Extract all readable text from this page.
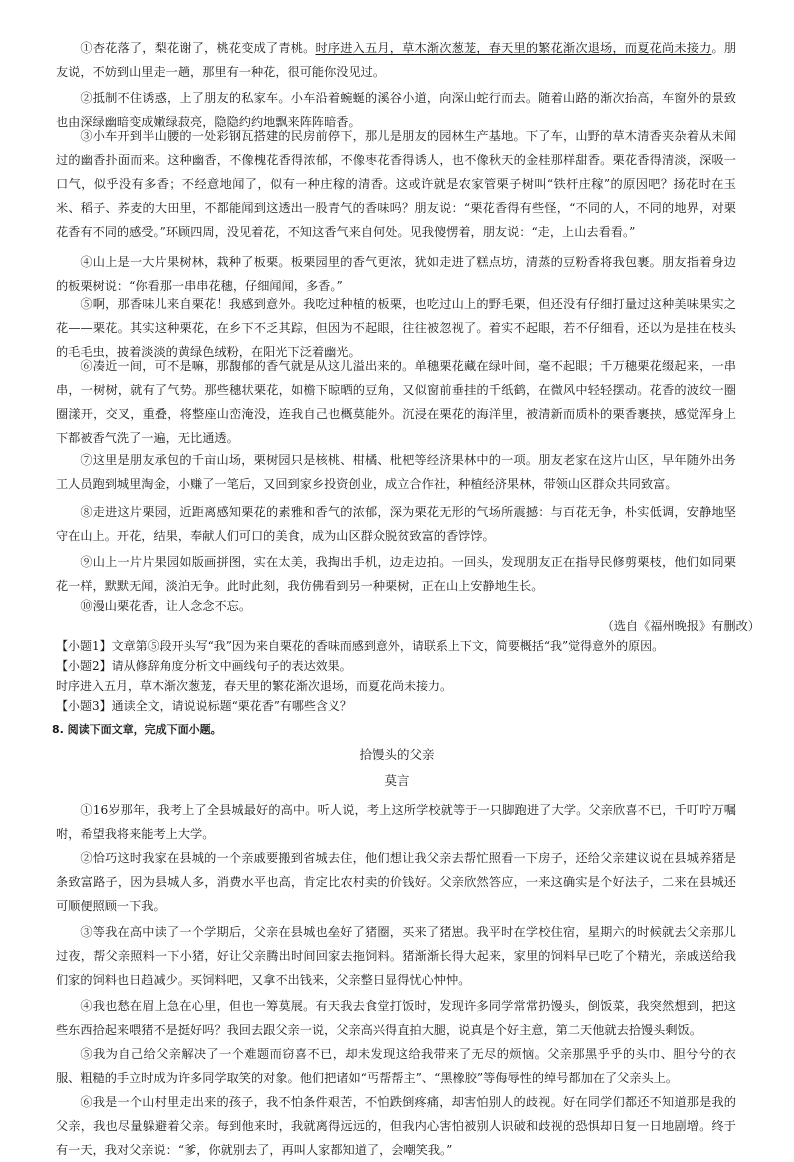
①杏花落了，梨花谢了，桃花变成了青桃。时序进入五月，草木渐次葱茏，春天里的繁花渐次退场，而夏花尚未接力。朋友说，不妨到山里走一趟，那里有一种花，很可能你没见过。

②抵制不住诱惑，上了朋友的私家车。小车沿着蜿蜒的溪谷小道，向深山蛇行而去。随着山路的渐次抬高，车窗外的景致也由深绿幽暗变成嫩绿菽亮，隐隐约约地飘来阵阵暗香。

③小车开到半山腰的一处彩钢瓦搭建的民房前停下，那儿是朋友的园林生产基地。下了车，山野的草木清香夹杂着从未闻过的幽香扑面而来。这种幽香，不像槐花香得浓郁，不像枣花香得诱人，也不像秋天的金桂那样甜香。栗花香得清淡，深吸一口气，似乎没有多香；不经意地闻了，似有一种庄稼的清香。这或许就是农家管栗子树叫“铁杆庄稼”的原因吧？扬花时在玉米、稻子、荞麦的大田里，不都能闻到这透出一股青气的香味吗？朋友说：“栗花香得有些怪，“不同的人，不同的地界，对栗花香有不同的感受。”环顾四周，没见着花，不知这香气来自何处。见我傻愣着，朋友说：“走，上山去看看。”

④山上是一大片果树林，栽种了板栗。板栗园里的香气更浓，犹如走进了糕点坊，清蒸的豆粉香将我包裹。朋友指着身边的板栗树说：“你看那一串串花穗，仔细闻闻，多香。”

⑤啊，那香味儿来自栗花！我感到意外。我吃过种植的板栗，也吃过山上的野毛栗，但还没有仔细打量过这种美味果实之花——栗花。其实这种栗花，在乡下不乏其踪，但因为不起眼，往往被忽视了。着实不起眼，若不仔细看，还以为是挂在枝头的毛毛虫，披着淡淡的黄绿色绒粉，在阳光下泛着幽光。

⑥凑近一间，可不是嘛，那馥郁的香气就是从这儿溢出来的。单穗栗花藏在绿叶间，毫不起眼；千万穗栗花缀起来，一串串，一树树，就有了气势。那些穗状栗花，如檐下晾晒的豆角，又似窗前垂挂的千纸鹤，在微风中轻轻摆动。花香的波纹一圈圈漾开，交叉，重叠，将整座山峦淹没，连我自己也概莫能外。沉浸在栗花的海洋里，被清新而质朴的栗香裹挟，感觉浑身上下都被香气洗了一遍，无比通透。

⑦这里是朋友承包的千亩山场，栗树园只是核桃、柑橘、枇杷等经济果林中的一项。朋友老家在这片山区，早年随外出务工人员跑到城里淘金，小赚了一笔后，又回到家乡投资创业，成立合作社，种植经济果林，带领山区群众共同致富。

⑧走进这片栗园，近距离感知栗花的素雅和香气的浓郁，深为栗花无形的气场所震撼：与百花无争，朴实低调，安静地坚守在山上。开花，结果，奉献人们可口的美食，成为山区群众脱贫致富的香饽饽。

⑨山上一片片果园如版画拼图，实在太美，我掏出手机，边走边拍。一回头，发现朋友正在指导民修剪栗枝，他们如同栗花一样，默默无闻，淡泊无争。此时此刻，我仿佛看到另一种栗树，正在山上安静地生长。

⑩漫山栗花香，让人念念不忘。

（选自《福州晚报》有删改）

【小题1】文章第⑤段开头写“我”因为来自栗花的香味而感到意外，请联系上下文，简要概括“我”觉得意外的原因。

【小题2】请从修辞角度分析文中画线句子的表达效果。

时序进入五月，草木渐次葱茏，春天里的繁花渐次退场，而夏花尚未接力。

【小题3】通读全文，请说说标题“栗花香”有哪些含义？

8. 阅读下面文章，完成下面小题。
拾馒头的父亲
莫言

①16岁那年，我考上了全县城最好的高中。听人说，考上这所学校就等于一只脚跑进了大学。父亲欣喜不已，千叮咛万嘱咐，希望我将来能考上大学。

②恰巧这时我家在县城的一个亲戚要搬到省城去住，他们想让我父亲去帮忙照看一下房子，还给父亲建议说在县城养猪是条致富路子，因为县城人多，消费水平也高，肯定比农村卖的价钱好。父亲欣然答应，一来这确实是个好法子，二来在县城还可顺便照顾一下我。

③等我在高中读了一个学期后，父亲在县城也垒好了猪圈，买来了猪崽。我平时在学校住宿，星期六的时候就去父亲那儿过夜，帮父亲照料一下小猪，好让父亲腾出时间回家去拖饲料。猪渐渐长得大起来，家里的饲料早已吃了个精光，亲戚送给我们家的饲料也日趋减少。买饲料吧，又拿不出钱来，父亲整日显得忧心忡忡。

④我也愁在眉上急在心里，但也一筹莫展。有天我去食堂打饭时，发现许多同学常常扔馒头，倒饭菜，我突然想到，把这些东西拾起来喂猪不是挺好吗？我回去跟父亲一说，父亲高兴得直拍大腿，说真是个好主意，第二天他就去拾馒头剩饭。

⑤我为自己给父亲解决了一个难题而窃喜不已，却未发现这给我带来了无尽的烦恼。父亲那黑乎乎的头巾、胆兮兮的衣服、粗糙的手立时成为许多同学取笑的对象。他们把诸如“丐帮帮主”、“黑橡胶”等侮辱性的绰号都加在了父亲头上。

⑥我是一个山村里走出来的孩子，我不怕条件艰苦，不怕跌倒疼痛，却害怕别人的歧视。好在同学们都还不知道那是我的父亲，我也尽量躲避着父亲。每到他来时，我就离得远远的，但我内心害怕被别人识破和歧视的恐惧却日复一日地剧增。终于有一天，我对父亲说：“爹，你就别去了，再叫人家都知道了，会嘲笑我。”
